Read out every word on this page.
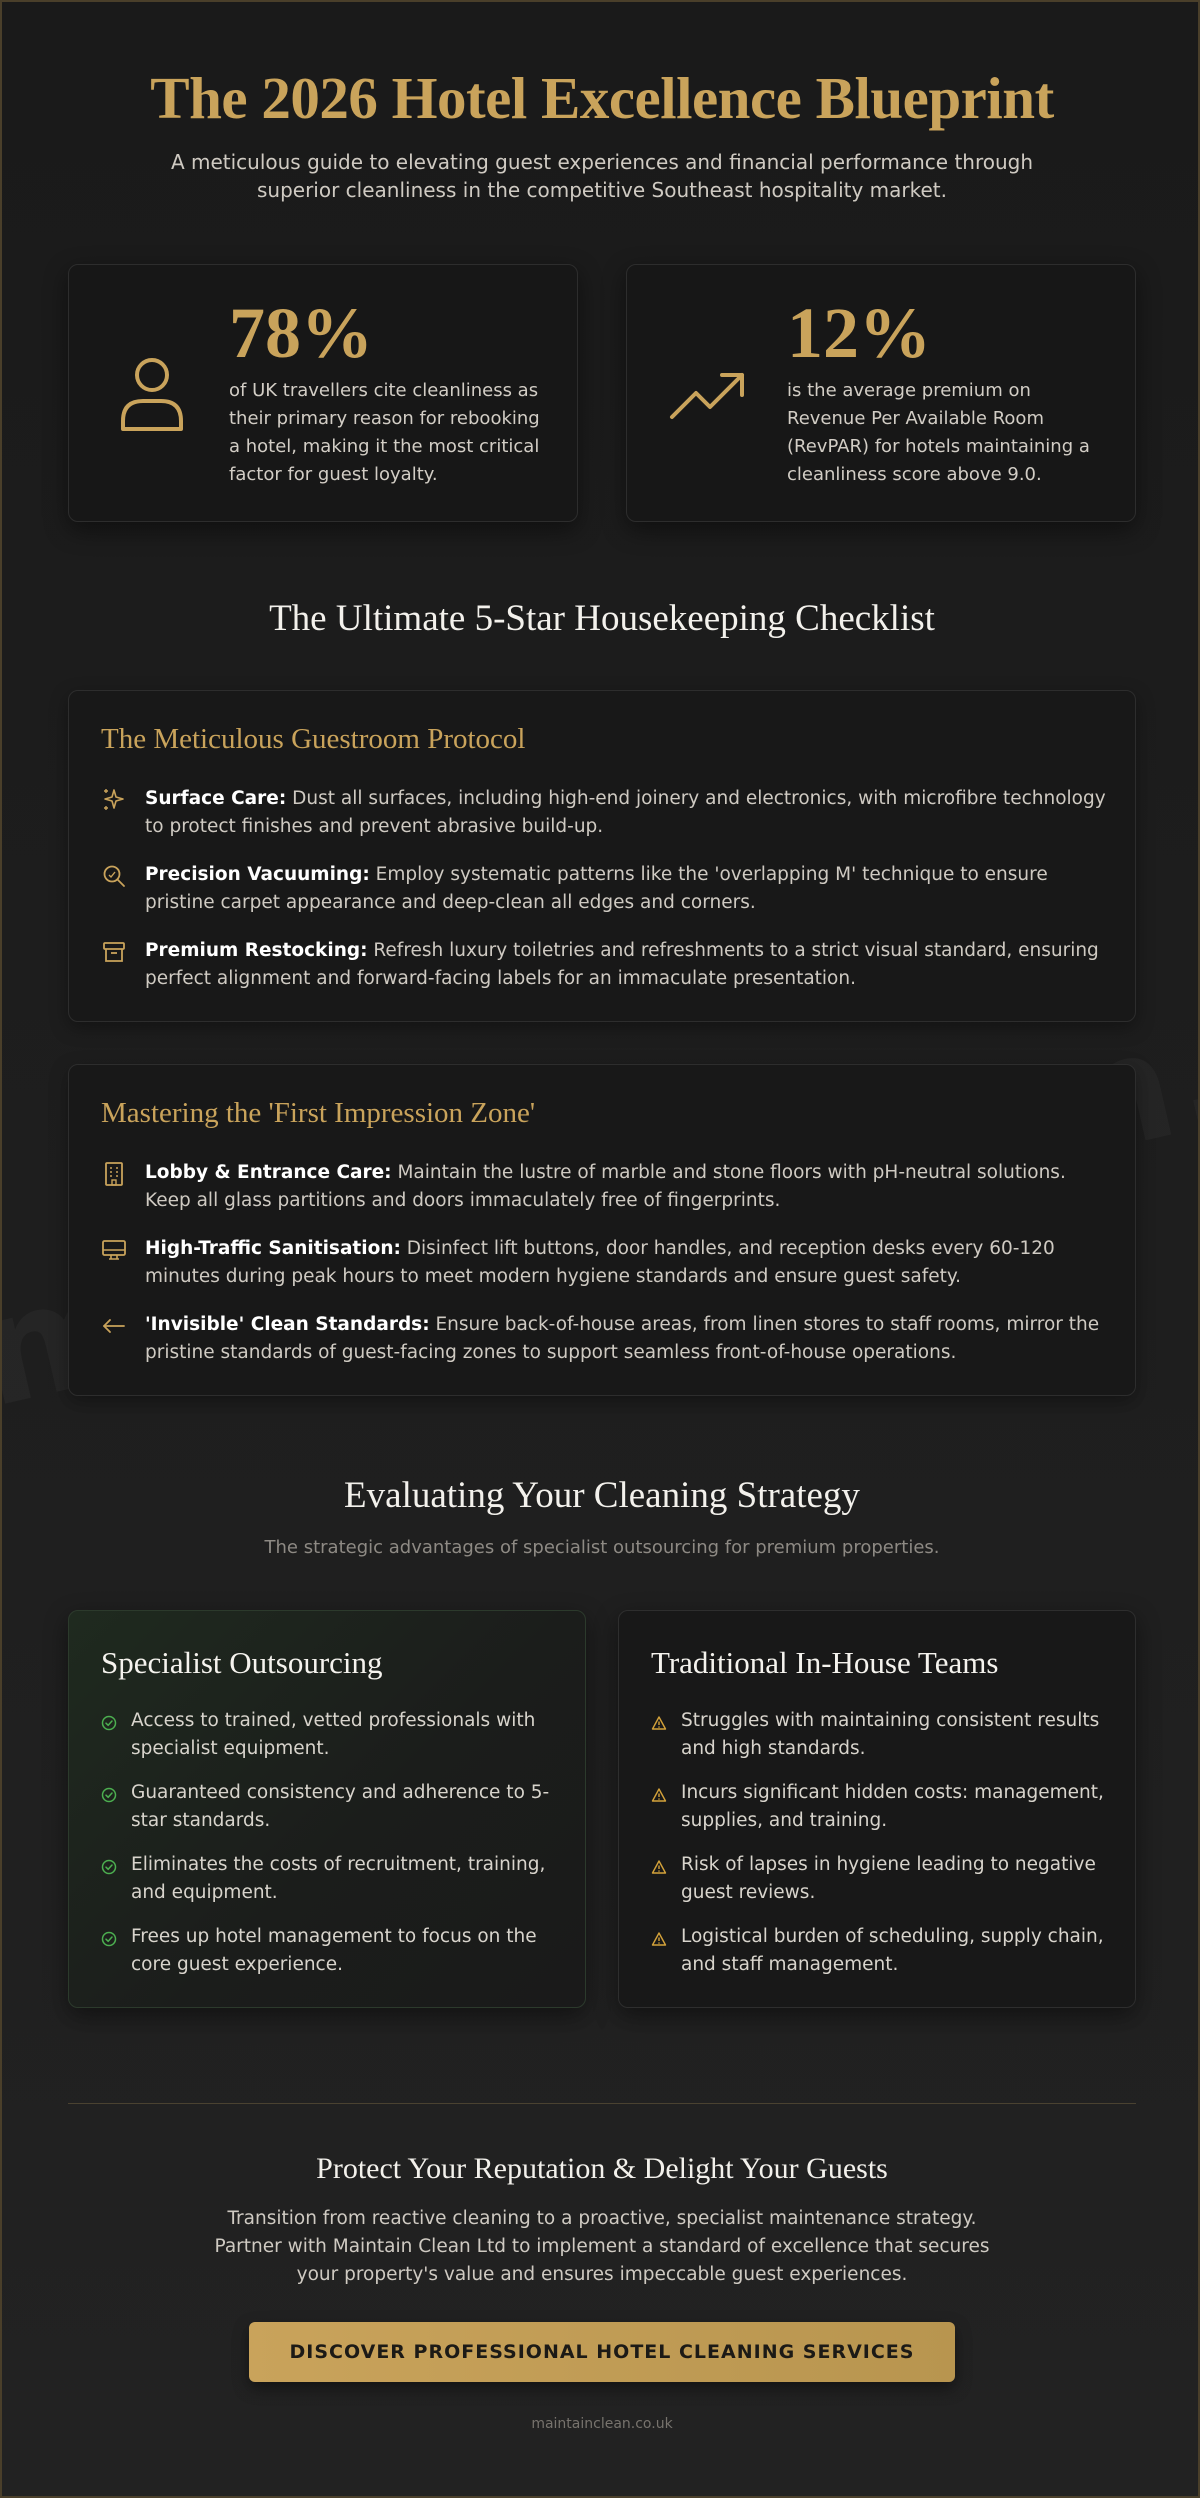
The 2026 Hotel Excellence Blueprint

A meticulous guide to elevating guest experiences and financial performance through superior cleanliness in the competitive Southeast hospitality market.

78%
of UK travellers cite cleanliness as their primary reason for rebooking a hotel, making it the most critical factor for guest loyalty.
12%
is the average premium on Revenue Per Available Room (RevPAR) for hotels maintaining a cleanliness score above 9.0.
The Ultimate 5-Star Housekeeping Checklist
The Meticulous Guestroom Protocol
Surface Care: Dust all surfaces, including high-end joinery and electronics, with microfibre technology to protect finishes and prevent abrasive build-up.
Precision Vacuuming: Employ systematic patterns like the 'overlapping M' technique to ensure pristine carpet appearance and deep-clean all edges and corners.
Premium Restocking: Refresh luxury toiletries and refreshments to a strict visual standard, ensuring perfect alignment and forward-facing labels for an immaculate presentation.
Mastering the 'First Impression Zone'
Lobby & Entrance Care: Maintain the lustre of marble and stone floors with pH-neutral solutions. Keep all glass partitions and doors immaculately free of fingerprints.
High-Traffic Sanitisation: Disinfect lift buttons, door handles, and reception desks every 60-120 minutes during peak hours to meet modern hygiene standards and ensure guest safety.
'Invisible' Clean Standards: Ensure back-of-house areas, from linen stores to staff rooms, mirror the pristine standards of guest-facing zones to support seamless front-of-house operations.
Evaluating Your Cleaning Strategy
The strategic advantages of specialist outsourcing for premium properties.
Specialist Outsourcing
Access to trained, vetted professionals with specialist equipment.
Guaranteed consistency and adherence to 5-star standards.
Eliminates the costs of recruitment, training, and equipment.
Frees up hotel management to focus on the core guest experience.
Traditional In-House Teams
Struggles with maintaining consistent results and high standards.
Incurs significant hidden costs: management, supplies, and training.
Risk of lapses in hygiene leading to negative guest reviews.
Logistical burden of scheduling, supply chain, and staff management.
Protect Your Reputation & Delight Your Guests
Transition from reactive cleaning to a proactive, specialist maintenance strategy. Partner with Maintain Clean Ltd to implement a standard of excellence that secures your property's value and ensures impeccable guest experiences.
DISCOVER PROFESSIONAL HOTEL CLEANING SERVICES
maintainclean.co.uk
